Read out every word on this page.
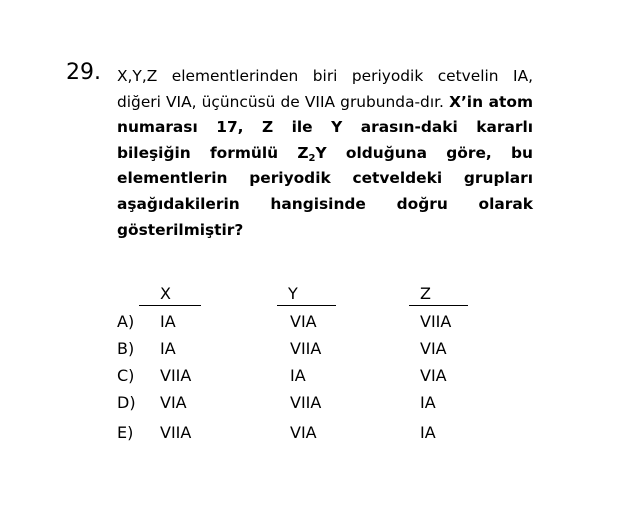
29. X,Y,Z elementlerinden biri periyodik cetvelin IA, diğeri VIA, üçüncüsü de VIIA grubunda-dır. X’in atom numarası 17, Z ile Y arasın-daki kararlı bileşiğin formülü $Z_2Y$ olduğuna göre, bu elementlerin periyodik cetveldeki grupları aşağıdakilerin hangisinde doğru olarak gösterilmiştir?
X	Y	Z
A) IA	VIA	VIIA
B) IA	VIIA	VIA
C) VIIA	IA	VIA
D) VIA	VIIA	IA
E) VIIA	VIA	IA
